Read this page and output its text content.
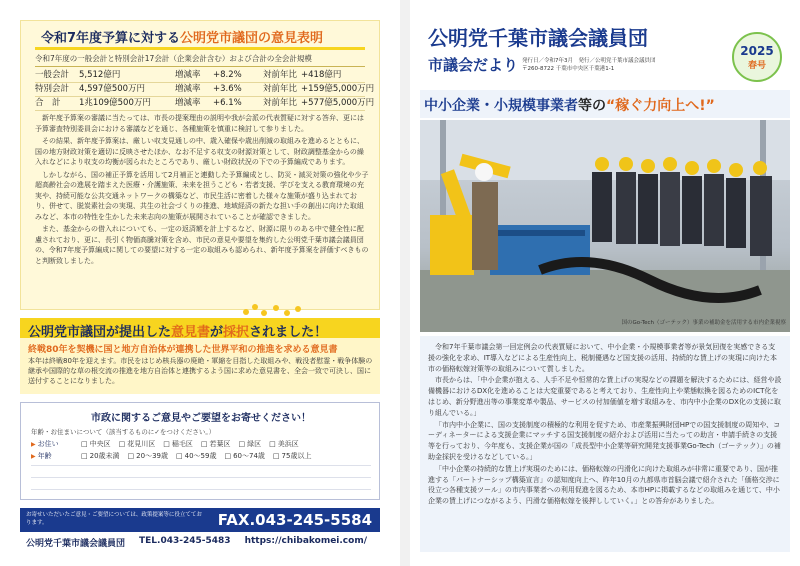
令和7年度予算に対する公明党市議団の意見表明
令和7年度の一般会計と特別会計17会計（企業会計含む）および合計の全会計規模
一般会計	5,512億円	増減率	+8.2%	対前年比 +418億円
特別会計	4,597億500万円	増減率	+3.6%	対前年比 +159億5,000万円
合　計	1兆109億500万円	増減率	+6.1%	対前年比 +577億5,000万円

新年度予算案の審議に当たっては、市長の提案理由の説明や我が会派の代表質疑に対する答弁、更には予算審査特別委員会における審議などを通じ、各種施策を慎重に検討して参りました。

その結果、新年度予算案は、厳しい収支見通しの中、歳入確保や歳出削減の取組みを進めるとともに、国の地方財政対策を適切に反映させたほか、なお不足する収支の財源対策として、財政調整基金からの繰入れなどにより収支の均衡が図られたところであり、厳しい財政状況の下での予算編成であります。

しかしながら、国の補正予算を活用して2月補正と連動した予算編成とし、防災・減災対策の強化や少子超高齢社会の進展を踏まえた医療・介護施策、未来を担うこども・若者支援、学びを支える教育環境の充実や、持続可能な公共交通ネットワークの構築など、市民生活に密着した様々な施策が盛り込まれており、併せて、脱炭素社会の実現、共生の社会づくりの推進、地域経済の新たな担い手の創出に向けた取組みなど、本市の特性を生かした未来志向の施策が展開されていることが確認できました。

また、基金からの借入れについても、一定の返済額を計上するなど、財源に限りのある中で健全性に配慮されており、更に、長引く物価高騰対策を含め、市民の意見や要望を集約した公明党千葉市議会議員団の、令和7年度予算編成に関しての要望に対する一定の取組みも認められ、新年度予算案を評価すべきものと判断致しました。

公明党市議団が提出した意見書が採択されました！
終戦80年を契機に国と地方自治体が連携した世界平和の推進を求める意見書
本年は終戦80年を迎えます。市民をはじめ核兵器の廃絶・軍縮を目指した取組みや、戦没者慰霊・戦争体験の継承や国際的な草の根交流の推進を地方自治体と連携するよう国に求めた意見書を、全会一致で可決し、国に送付することになりました。
市政に関するご意見やご要望をお寄せください！
年齢・お住まいについて（該当するものに✓をつけください。）
▶ お住い	□ 中央区	□ 花見川区	□ 稲毛区	□ 若葉区	□ 緑区	□ 美浜区
▶ 年齢	□ 20歳未満	□ 20～39歳	□ 40～59歳	□ 60～74歳	□ 75歳以上
お寄せいただいたご意見・ご要望については、政策提案等に役立てております。	FAX.043-245-5584
公明党千葉市議会議員団 TEL.043-245-5483 https://chibakomei.com/
公明党千葉市議会議員団
市議会だより 発行日／令和7年3月　発行／公明党千葉市議会議員団
〒260-8722 千葉市中央区千葉港1-1
2025
春号
中小企業・小規模事業者等の“稼ぐ力向上へ!”
国のGo-Tech（ゴーテック）事業の補助金を活用する市内企業視察

令和7年千葉市議会第一回定例会の代表質疑において、中小企業・小規模事業者等が景気回復を実感できる支援の強化を求め、IT導入などによる生産性向上、税制優遇など国支援の活用、持続的な賃上げの実現に向けた本市の価格転嫁対策等の取組みについて質しました。

市長からは、「中小企業が抱える、人手不足や恒常的な賃上げの実現などの課題を解決するためには、経営や設備機器におけるDX化を進めることは大変重要であると考えており、生産性向上や業態転換を図るためのICT化をはじめ、新分野進出等の事業変革や製品、サービスの付加価値を増す取組みを、市内中小企業のDX化の支援に取り組んでいる。」

「市内中小企業に、国の支援制度の積極的な利用を促すため、市産業振興財団HPでの国支援制度の周知や、コーディネーターによる支援企業にマッチする国支援制度の紹介および活用に当たっての助言・申請手続きの支援等を行っており、今年度も、支援企業が国の「成長型中小企業等研究開発支援事業Go-Tech（ゴーテック）」の補助金採択を受けるなどしている。」

「中小企業の持続的な賃上げ実現のためには、価格転嫁の円滑化に向けた取組みが非常に重要であり、国が推進する「パートナーシップ構築宣言」の認知度向上へ、昨年10月の九都県市首脳会議で紹介された「価格交渉に役立つ各種支援ツール」の市内事業者への利用促進を図るため、本市HPに掲載するなどの取組みを通じて、中小企業の賃上げにつながるよう、円滑な価格転嫁を後押ししていく。」との答弁がありました。
